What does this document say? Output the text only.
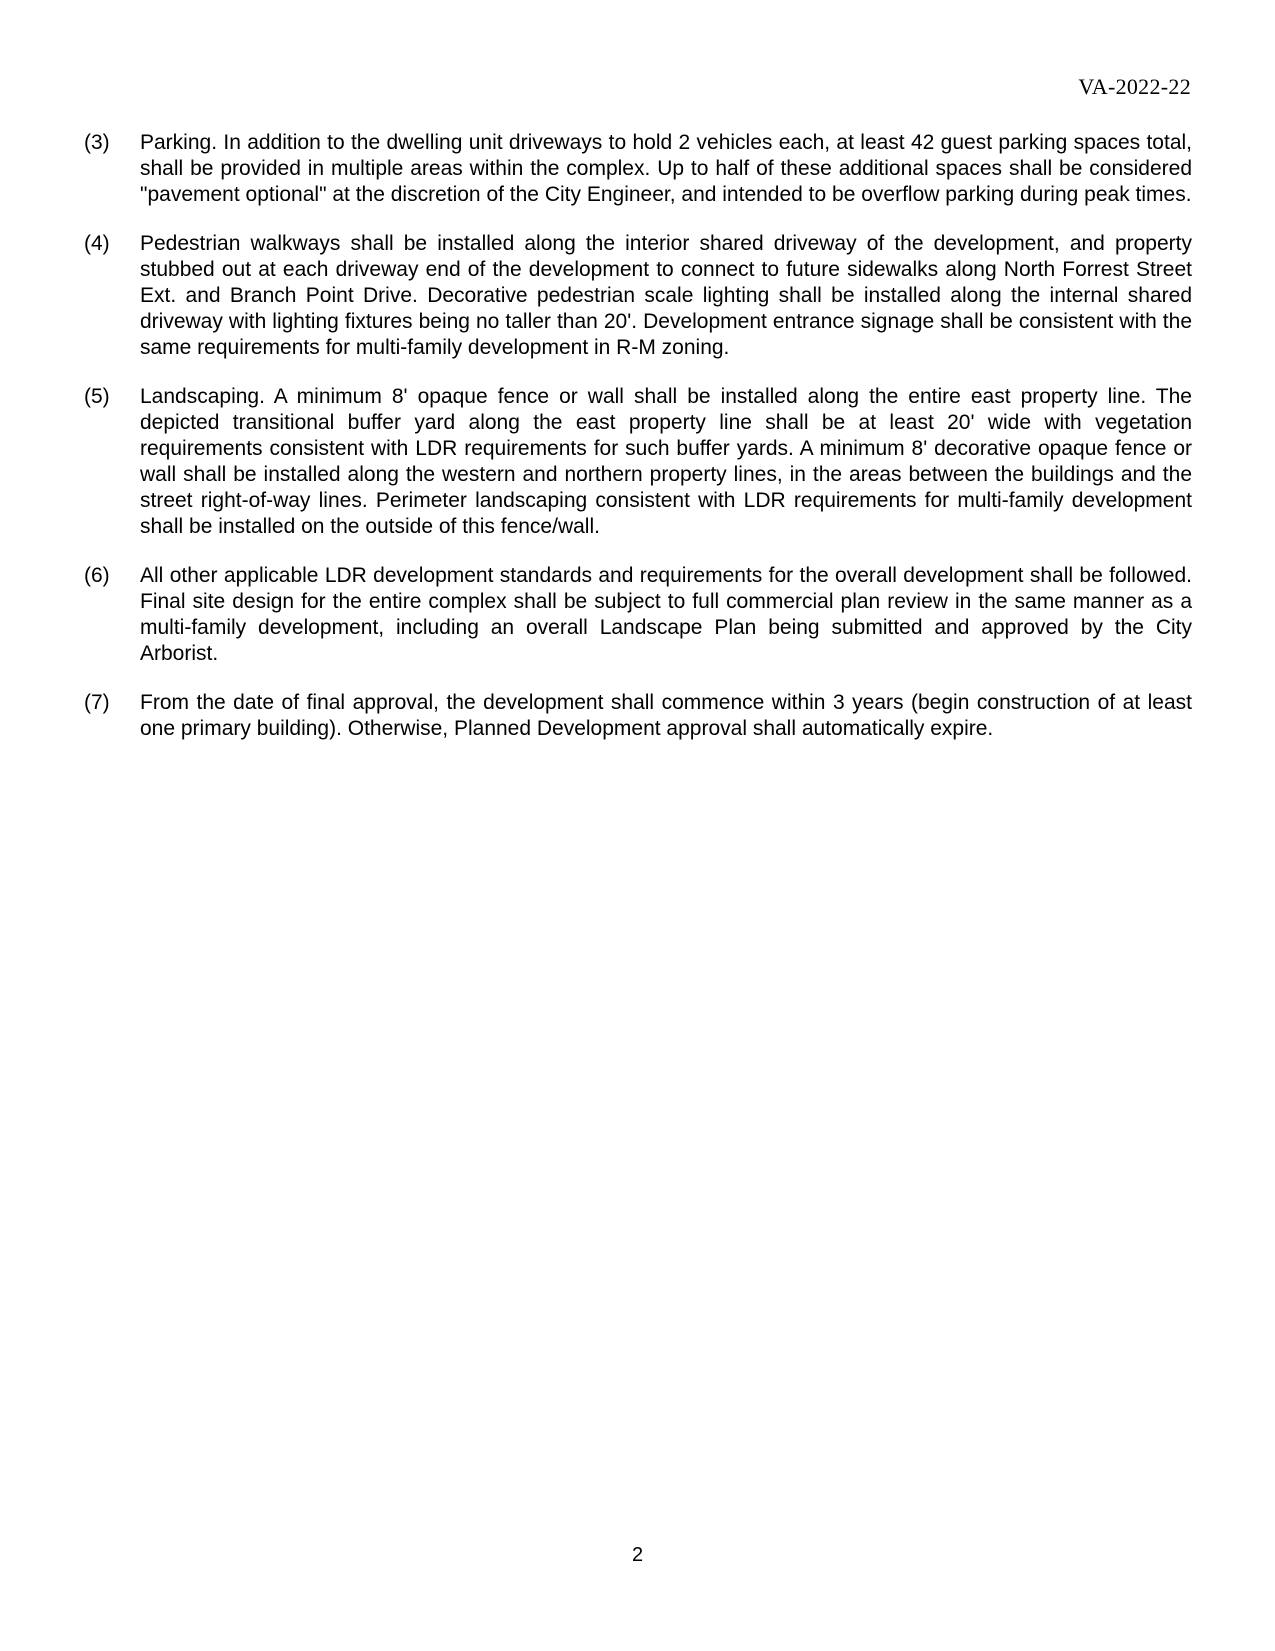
VA-2022-22
(3)	Parking. In addition to the dwelling unit driveways to hold 2 vehicles each, at least 42 guest parking spaces total, shall be provided in multiple areas within the complex. Up to half of these additional spaces shall be considered "pavement optional" at the discretion of the City Engineer, and intended to be overflow parking during peak times.
(4)	Pedestrian walkways shall be installed along the interior shared driveway of the development, and property stubbed out at each driveway end of the development to connect to future sidewalks along North Forrest Street Ext. and Branch Point Drive. Decorative pedestrian scale lighting shall be installed along the internal shared driveway with lighting fixtures being no taller than 20'. Development entrance signage shall be consistent with the same requirements for multi-family development in R-M zoning.
(5)	Landscaping. A minimum 8' opaque fence or wall shall be installed along the entire east property line. The depicted transitional buffer yard along the east property line shall be at least 20' wide with vegetation requirements consistent with LDR requirements for such buffer yards. A minimum 8' decorative opaque fence or wall shall be installed along the western and northern property lines, in the areas between the buildings and the street right-of-way lines. Perimeter landscaping consistent with LDR requirements for multi-family development shall be installed on the outside of this fence/wall.
(6)	All other applicable LDR development standards and requirements for the overall development shall be followed. Final site design for the entire complex shall be subject to full commercial plan review in the same manner as a multi-family development, including an overall Landscape Plan being submitted and approved by the City Arborist.
(7)	From the date of final approval, the development shall commence within 3 years (begin construction of at least one primary building). Otherwise, Planned Development approval shall automatically expire.
2
